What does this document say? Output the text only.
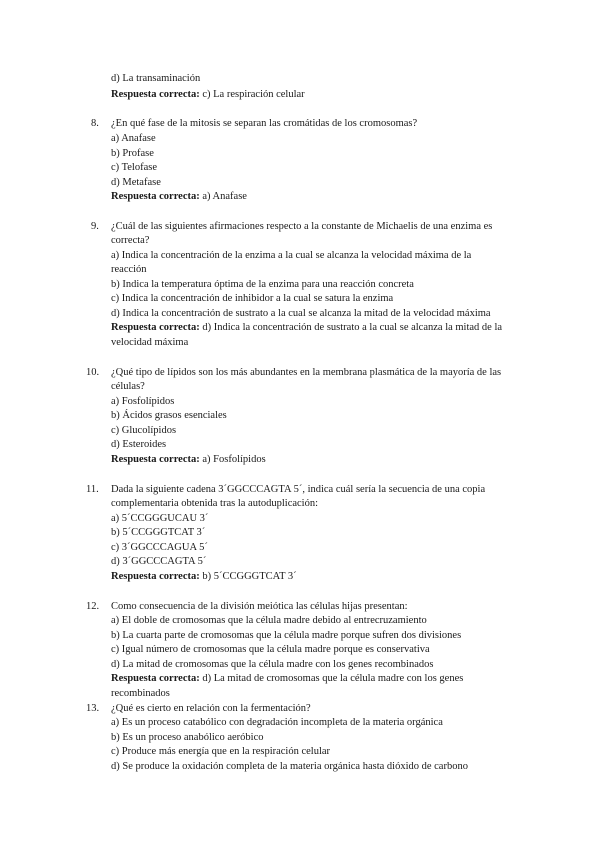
d) La transaminación
Respuesta correcta: c) La respiración celular
8. ¿En qué fase de la mitosis se separan las cromátidas de los cromosomas?
a) Anafase
b) Profase
c) Telofase
d) Metafase
Respuesta correcta: a) Anafase
9. ¿Cuál de las siguientes afirmaciones respecto a la constante de Michaelis de una enzima es
correcta?
a) Indica la concentración de la enzima a la cual se alcanza la velocidad máxima de la
reacción
b) Indica la temperatura óptima de la enzima para una reacción concreta
c) Indica la concentración de inhibidor a la cual se satura la enzima
d) Indica la concentración de sustrato a la cual se alcanza la mitad de la velocidad máxima
Respuesta correcta: d) Indica la concentración de sustrato a la cual se alcanza la mitad de la
velocidad máxima
10. ¿Qué tipo de lípidos son los más abundantes en la membrana plasmática de la mayoría de las
células?
a) Fosfolípidos
b) Ácidos grasos esenciales
c) Glucolípidos
d) Esteroides
Respuesta correcta: a) Fosfolípidos
11. Dada la siguiente cadena 3´GGCCCAGTA 5´, indica cuál sería la secuencia de una copia
complementaria obtenida tras la autoduplicación:
a) 5´CCGGGUCAU 3´
b) 5´CCGGGTCAT 3´
c) 3´GGCCCAGUA 5´
d) 3´GGCCCAGTA 5´
Respuesta correcta: b) 5´CCGGGTCAT 3´
12. Como consecuencia de la división meiótica las células hijas presentan:
a) El doble de cromosomas que la célula madre debido al entrecruzamiento
b) La cuarta parte de cromosomas que la célula madre porque sufren dos divisiones
c) Igual número de cromosomas que la célula madre porque es conservativa
d) La mitad de cromosomas que la célula madre con los genes recombinados
Respuesta correcta: d) La mitad de cromosomas que la célula madre con los genes
recombinados
13. ¿Qué es cierto en relación con la fermentación?
a) Es un proceso catabólico con degradación incompleta de la materia orgánica
b) Es un proceso anabólico aeróbico
c) Produce más energía que en la respiración celular
d) Se produce la oxidación completa de la materia orgánica hasta dióxido de carbono
